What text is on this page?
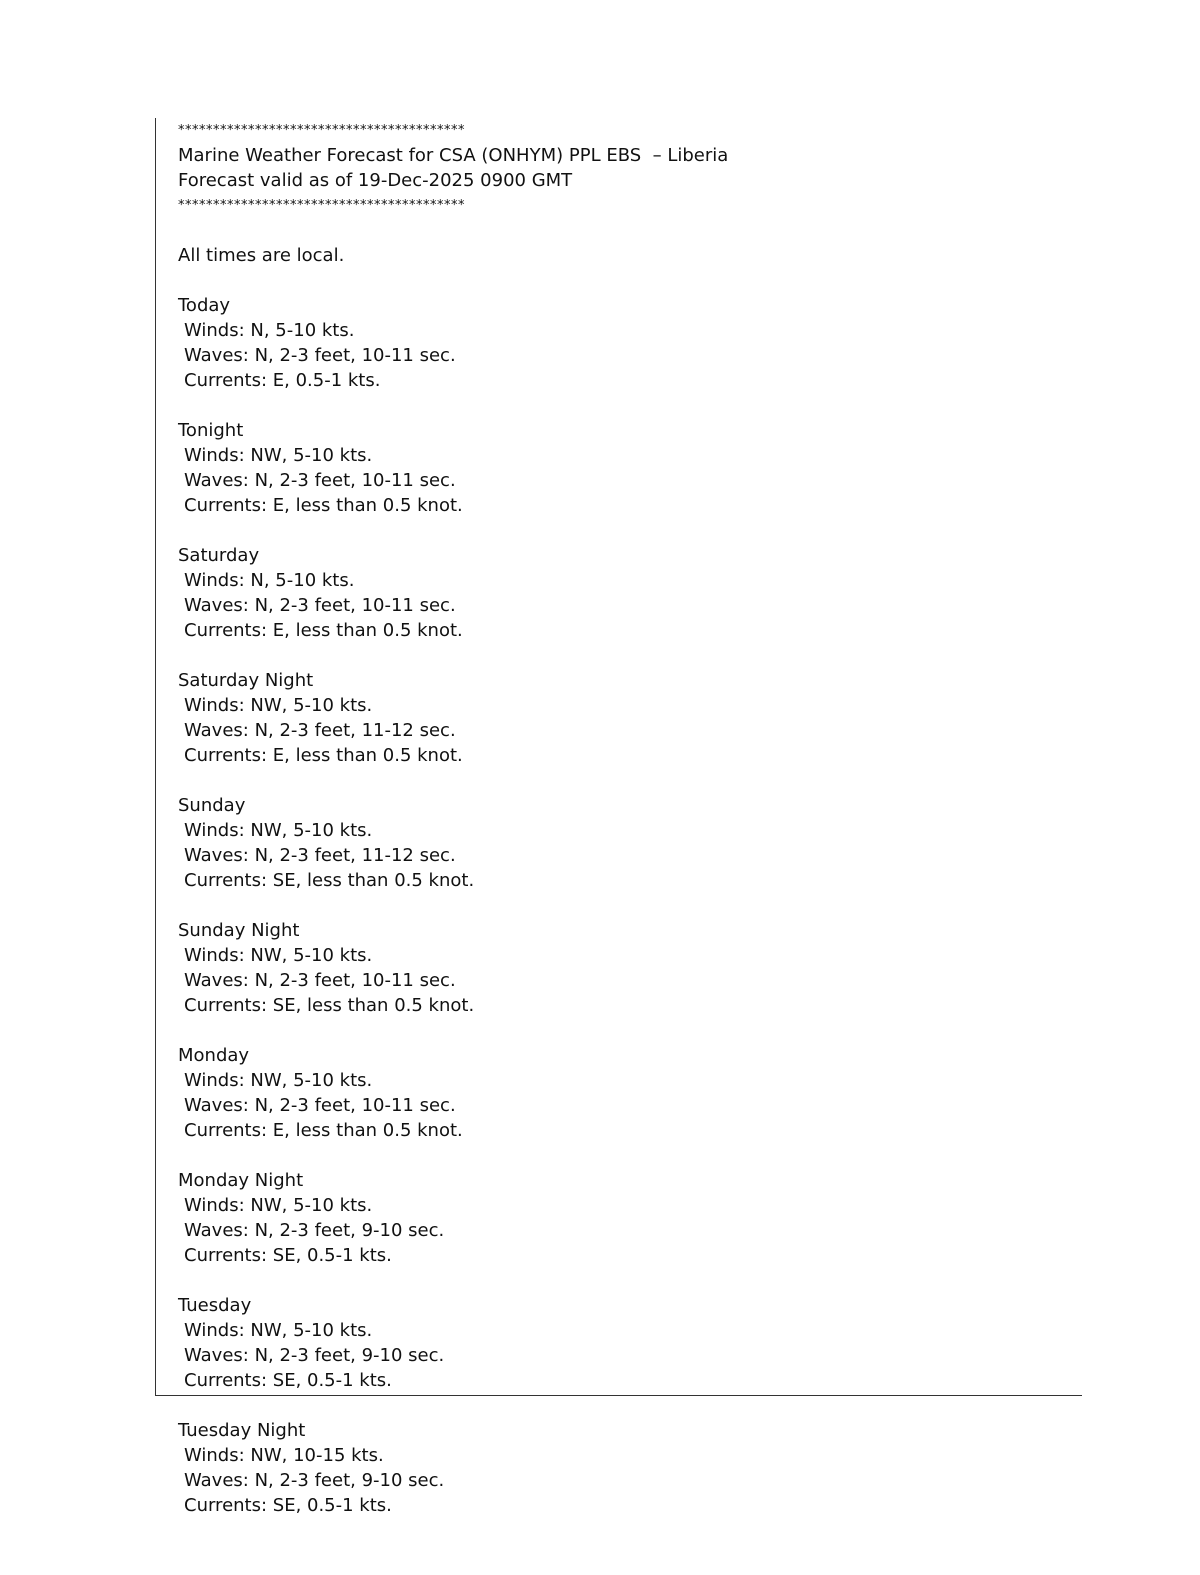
*****************************************
Marine Weather Forecast for CSA (ONHYM) PPL EBS  – Liberia
Forecast valid as of 19-Dec-2025 0900 GMT
*****************************************
All times are local.
Today
Winds: N, 5-10 kts.
Waves: N, 2-3 feet, 10-11 sec.
Currents: E, 0.5-1 kts.
Tonight
Winds: NW, 5-10 kts.
Waves: N, 2-3 feet, 10-11 sec.
Currents: E, less than 0.5 knot.
Saturday
Winds: N, 5-10 kts.
Waves: N, 2-3 feet, 10-11 sec.
Currents: E, less than 0.5 knot.
Saturday Night
Winds: NW, 5-10 kts.
Waves: N, 2-3 feet, 11-12 sec.
Currents: E, less than 0.5 knot.
Sunday
Winds: NW, 5-10 kts.
Waves: N, 2-3 feet, 11-12 sec.
Currents: SE, less than 0.5 knot.
Sunday Night
Winds: NW, 5-10 kts.
Waves: N, 2-3 feet, 10-11 sec.
Currents: SE, less than 0.5 knot.
Monday
Winds: NW, 5-10 kts.
Waves: N, 2-3 feet, 10-11 sec.
Currents: E, less than 0.5 knot.
Monday Night
Winds: NW, 5-10 kts.
Waves: N, 2-3 feet, 9-10 sec.
Currents: SE, 0.5-1 kts.
Tuesday
Winds: NW, 5-10 kts.
Waves: N, 2-3 feet, 9-10 sec.
Currents: SE, 0.5-1 kts.
Tuesday Night
Winds: NW, 10-15 kts.
Waves: N, 2-3 feet, 9-10 sec.
Currents: SE, 0.5-1 kts.
